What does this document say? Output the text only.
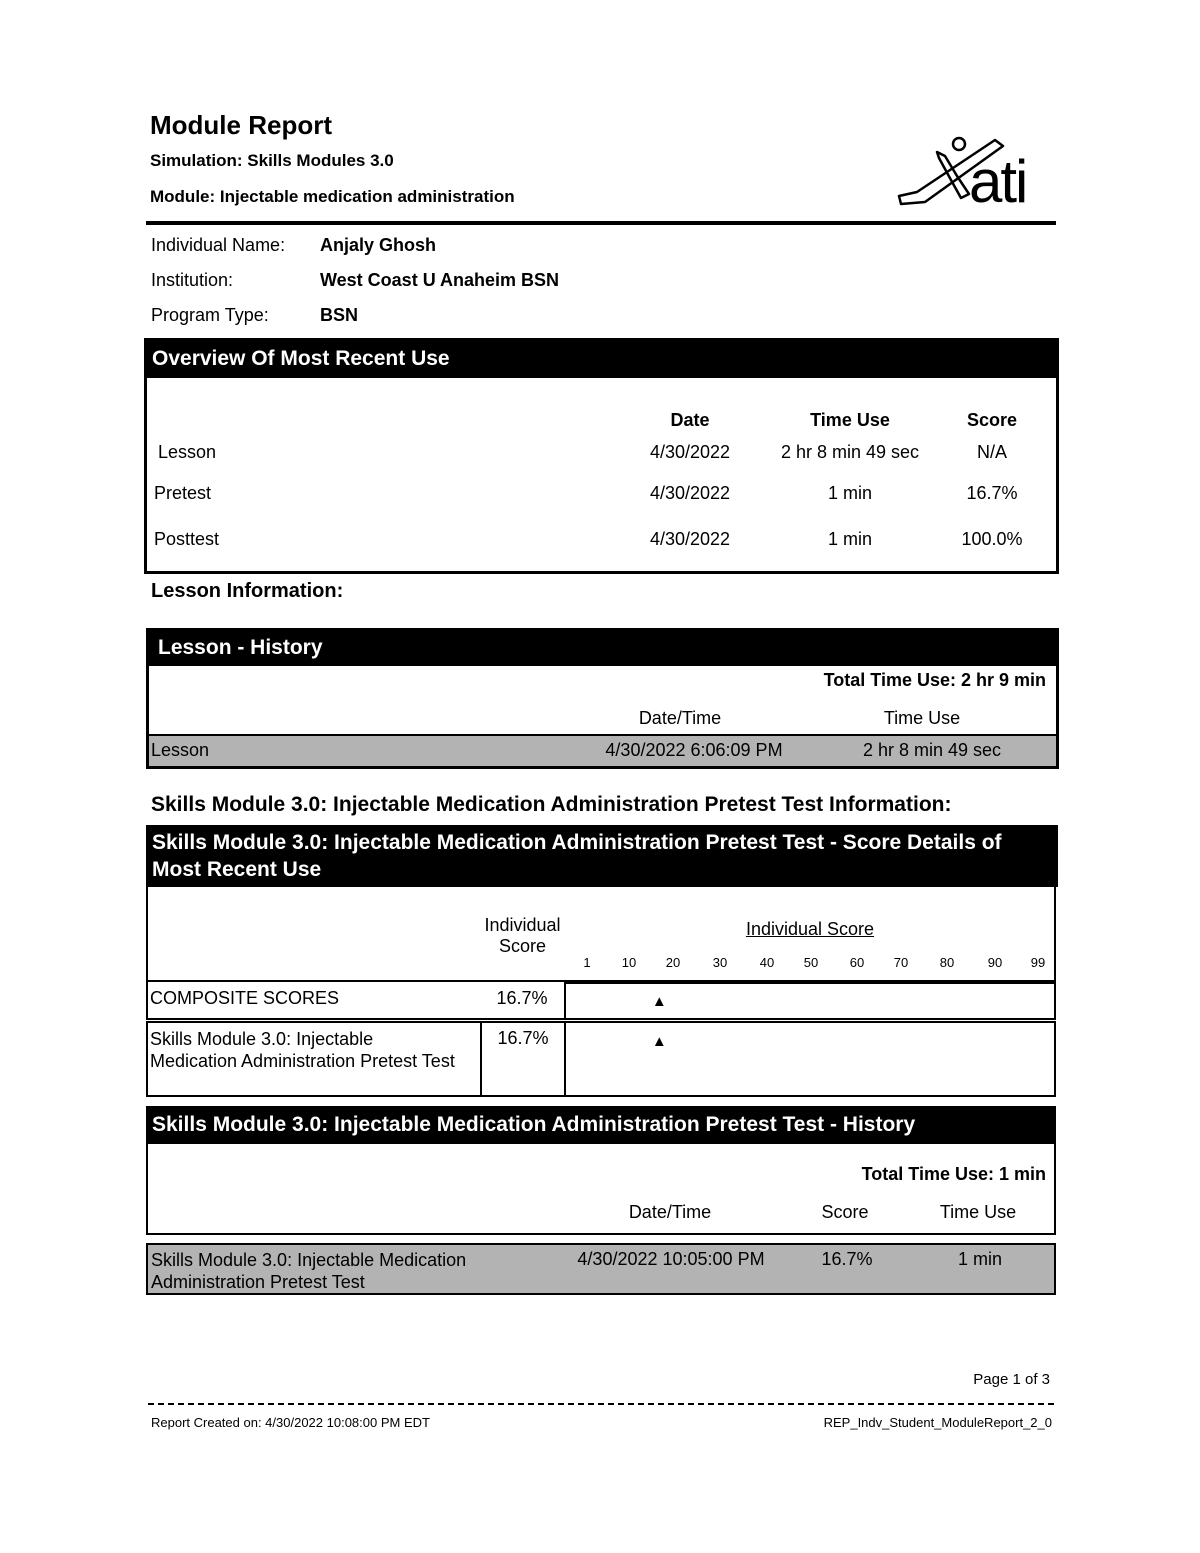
Module Report
Simulation: Skills Modules 3.0
Module: Injectable medication administration	ati
Individual Name: Anjaly Ghosh
Institution:	West Coast U Anaheim BSN
Program Type:	BSN
Overview Of Most Recent Use
Date	Time Use	Score
Lesson	4/30/2022	2 hr 8 min 49 sec	N/A
Pretest	4/30/2022	1 min	16.7%
Posttest	4/30/2022	1 min	100.0%
Lesson Information:
Lesson - History
Total Time Use: 2 hr 9 min
Date/Time	Time Use
Lesson	4/30/2022 6:06:09 PM	2 hr 8 min 49 sec
Skills Module 3.0: Injectable Medication Administration Pretest Test Information:
Skills Module 3.0: Injectable Medication Administration Pretest Test - Score Details of Most Recent Use
Individual Score
Individual Score
1	10	20	30	40	50	60	70	80	90	99
COMPOSITE SCORES	16.7%	▲
Skills Module 3.0: Injectable Medication Administration Pretest Test
16.7%	▲
Skills Module 3.0: Injectable Medication Administration Pretest Test - History
Total Time Use: 1 min
Date/Time	Score	Time Use
Skills Module 3.0: Injectable Medication Administration Pretest Test
4/30/2022 10:05:00 PM	16.7%	1 min
Page 1 of 3
Report Created on: 4/30/2022 10:08:00 PM EDT	REP_Indv_Student_ModuleReport_2_0
